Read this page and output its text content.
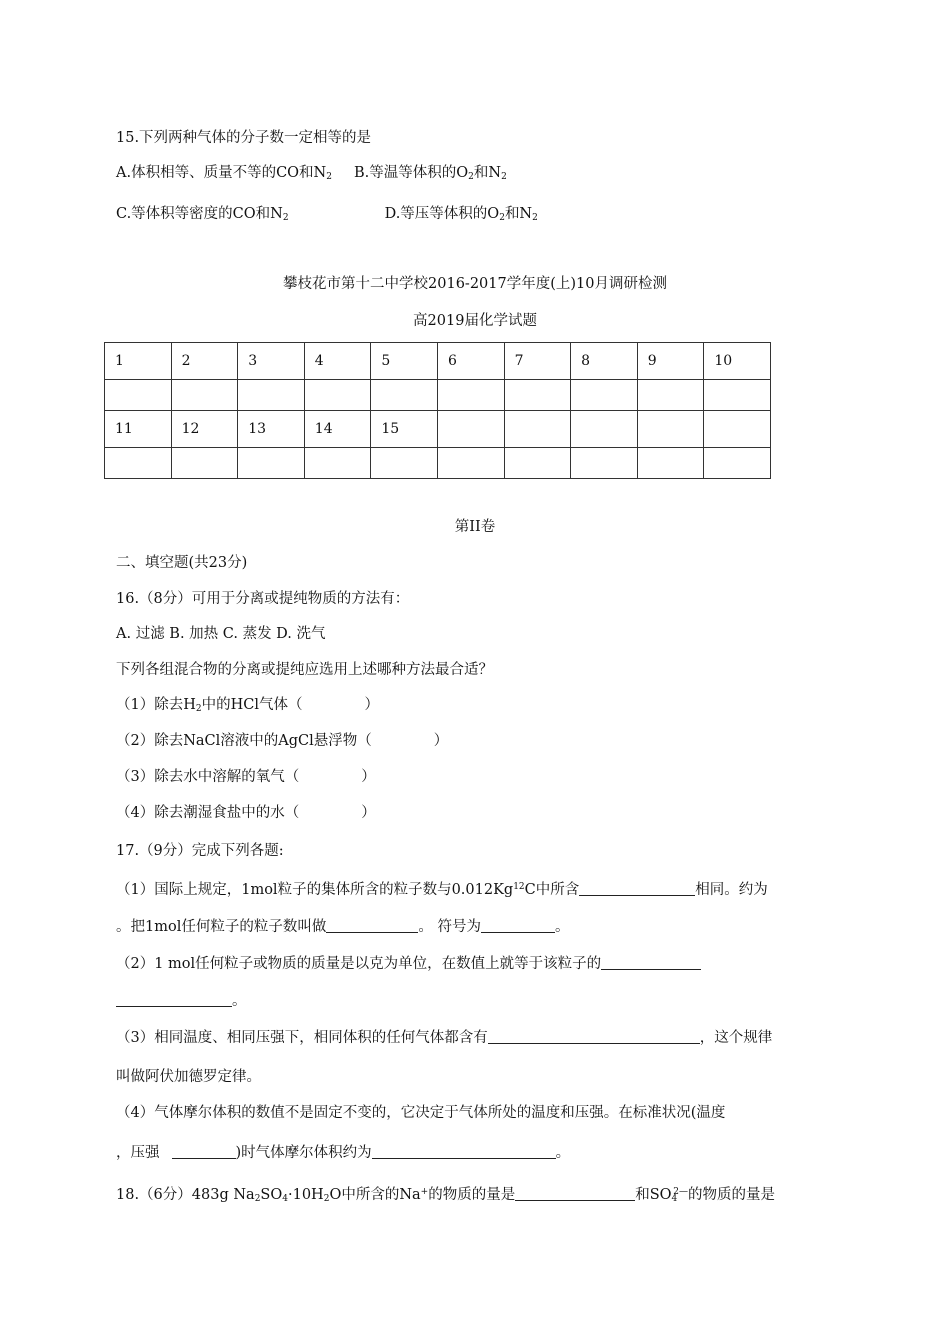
15.下列两种气体的分子数一定相等的是
A.体积相等、质量不等的CO和$N_2$ B.等温等体积的$O_2$和$N_2$
C.等体积等密度的CO和$N_2$	D.等压等体积的$O_2$和$N_2$
攀枝花市第十二中学校2016-2017学年度(上)10月调研检测
高2019届化学试题
1	2	3	4	5	6	7	8	9	10

11	12	13	14	15					

第II卷
二、填空题(共23分)
16.（8分）可用于分离或提纯物质的方法有：
A. 过滤 B. 加热 C. 蒸发 D. 洗气
下列各组混合物的分离或提纯应选用上述哪种方法最合适？
（1）除去$H_2$中的HCl气体（	）
（2）除去NaCl溶液中的AgCl悬浮物（	）
（3）除去水中溶解的氧气（	）
（4）除去潮湿食盐中的水（	）
17.（9分）完成下列各题:
（1）国际上规定，1mol粒子的集体所含的粒子数与0.012Kg$^{12}$C中所含	相同。约为
。把1mol任何粒子的粒子数叫做	。 符号为	。
（2）1 mol任何粒子或物质的质量是以克为单位，在数值上就等于该粒子的
。
（3）相同温度、相同压强下，相同体积的任何气体都含有	，这个规律
叫做阿伏加德罗定律。
（4）气体摩尔体积的数值不是固定不变的，它决定于气体所处的温度和压强。在标准状况(温度
，压强	)时气体摩尔体积约为	。
18.（6分）483g $Na_2SO_4\cdot 10H_2O$中所含的Na+的物质的量是	和$SO_4^{2—}$的物质的量是
